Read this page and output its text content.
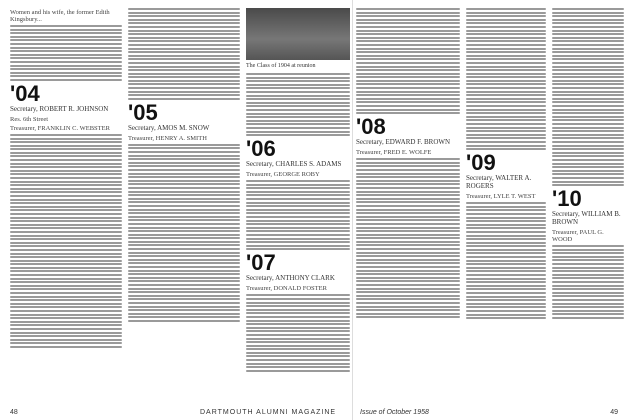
Women and his wife, the former Edith Kingsbury...
'04
Secretary, ROBERT R. JOHNSON
Res. 6th Street
Treasurer, FRANKLIN C. WEBSTER
'05
Secretary, AMOS M. SNOW
Treasurer, HENRY A. SMITH
The Class of 1904 at reunion
'06
Secretary, CHARLES S. ADAMS
Treasurer, GEORGE ROBY
'07
Secretary, ANTHONY CLARK
Treasurer, DONALD FOSTER
'08
Secretary, EDWARD F. BROWN
Treasurer, FRED E. WOLFE	'09
Secretary, WALTER A. ROGERS
Treasurer, LYLE T. WEST '10
Secretary, WILLIAM B. BROWN
Treasurer, PAUL G. WOOD
48	DARTMOUTH ALUMNI MAGAZINE	Issue of October 1958	49
